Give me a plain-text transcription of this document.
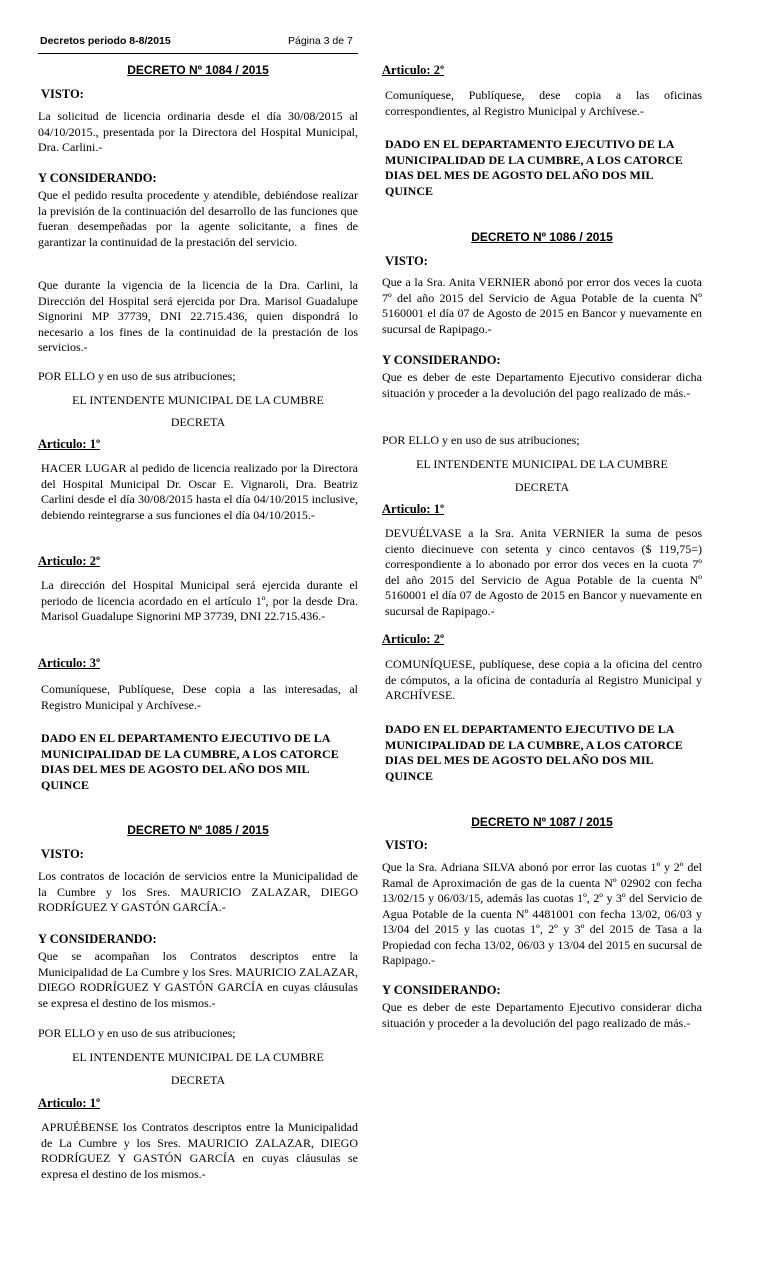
Decretos periodo 8-8/2015	Página 3 de 7

DECRETO Nº 1084 / 2015

VISTO:

La solicitud de licencia ordinaria desde el día 30/08/2015 al 04/10/2015., presentada por la Directora del Hospital Municipal, Dra. Carlini.-

Y CONSIDERANDO:

Que el pedido resulta procedente y atendible, debiéndose realizar la previsión de la continuación del desarrollo de las funciones que fueran desempeñadas por la agente solicitante, a fines de garantizar la continuidad de la prestación del servicio.

Que durante la vigencia de la licencia de la Dra. Carlini, la Dirección del Hospital será ejercida por Dra. Marisol Guadalupe Signorini MP 37739, DNI 22.715.436, quien dispondrá lo necesario a los fines de la continuidad de la prestación de los servicios.-

POR ELLO y en uso de sus atribuciones;

EL INTENDENTE MUNICIPAL DE LA CUMBRE

DECRETA

Articulo: 1º

HACER LUGAR al pedido de licencia realizado por la Directora del Hospital Municipal Dr. Oscar E. Vignaroli, Dra. Beatriz Carlini desde el día 30/08/2015 hasta el día 04/10/2015 inclusive, debiendo reintegrarse a sus funciones el día 04/10/2015.-

Articulo: 2º

La dirección del Hospital Municipal será ejercida durante el periodo de licencia acordado en el artículo 1º, por la desde Dra. Marisol Guadalupe Signorini MP 37739, DNI 22.715.436.-

Articulo: 3º

Comuníquese, Publíquese, Dese copia a las interesadas, al Registro Municipal y Archívese.-

DADO EN EL DEPARTAMENTO EJECUTIVO DE LA MUNICIPALIDAD DE LA CUMBRE, A LOS CATORCE DIAS DEL MES DE AGOSTO DEL AÑO DOS MIL QUINCE

DECRETO Nº 1085 / 2015

VISTO:

Los contratos de locación de servicios entre la Municipalidad de la Cumbre y los Sres. MAURICIO ZALAZAR, DIEGO RODRÍGUEZ Y GASTÓN GARCÍA.-

Y CONSIDERANDO:

Que se acompañan los Contratos descriptos entre la Municipalidad de La Cumbre y los Sres. MAURICIO ZALAZAR, DIEGO RODRÍGUEZ Y GASTÓN GARCÍA en cuyas cláusulas se expresa el destino de los mismos.-

POR ELLO y en uso de sus atribuciones;

EL INTENDENTE MUNICIPAL DE LA CUMBRE

DECRETA

Articulo: 1º

APRUÉBENSE los Contratos descriptos entre la Municipalidad de La Cumbre y los Sres. MAURICIO ZALAZAR, DIEGO RODRÍGUEZ Y GASTÓN GARCÍA en cuyas cláusulas se expresa el destino de los mismos.-

Articulo: 2º

Comuníquese, Publíquese, dese copia a las oficinas correspondientes, al Registro Municipal y Archívese.-

DADO EN EL DEPARTAMENTO EJECUTIVO DE LA MUNICIPALIDAD DE LA CUMBRE, A LOS CATORCE DIAS DEL MES DE AGOSTO DEL AÑO DOS MIL QUINCE

DECRETO Nº 1086 / 2015

VISTO:

Que a la Sra. Anita VERNIER abonó por error dos veces la cuota 7º del año 2015 del Servicio de Agua Potable de la cuenta Nº 5160001 el día 07 de Agosto de 2015 en Bancor y nuevamente en sucursal de Rapipago.-

Y CONSIDERANDO:

Que es deber de este Departamento Ejecutivo considerar dicha situación y proceder a la devolución del pago realizado de más.-

POR ELLO y en uso de sus atribuciones;

EL INTENDENTE MUNICIPAL DE LA CUMBRE

DECRETA

Articulo: 1º

DEVUÉLVASE a la Sra. Anita VERNIER la suma de pesos ciento diecinueve con setenta y cinco centavos ($ 119,75=) correspondiente a lo abonado por error dos veces en la cuota 7º del año 2015 del Servicio de Agua Potable de la cuenta Nº 5160001 el día 07 de Agosto de 2015 en Bancor y nuevamente en sucursal de Rapipago.-

Articulo: 2º

COMUNÍQUESE, publíquese, dese copia a la oficina del centro de cómputos, a la oficina de contaduría al Registro Municipal y ARCHÍVESE.

DADO EN EL DEPARTAMENTO EJECUTIVO DE LA MUNICIPALIDAD DE LA CUMBRE, A LOS CATORCE DIAS DEL MES DE AGOSTO DEL AÑO DOS MIL QUINCE

DECRETO Nº 1087 / 2015

VISTO:

Que la Sra. Adriana SILVA abonó por error las cuotas 1º y 2º del Ramal de Aproximación de gas de la cuenta Nº 02902 con fecha 13/02/15 y 06/03/15, además las cuotas 1º, 2º y 3º del Servicio de Agua Potable de la cuenta Nº 4481001 con fecha 13/02, 06/03 y 13/04 del 2015 y las cuotas 1º, 2º y 3º del 2015 de Tasa a la Propiedad con fecha 13/02, 06/03 y 13/04 del 2015 en sucursal de Rapipago.-

Y CONSIDERANDO:

Que es deber de este Departamento Ejecutivo considerar dicha situación y proceder a la devolución del pago realizado de más.-
